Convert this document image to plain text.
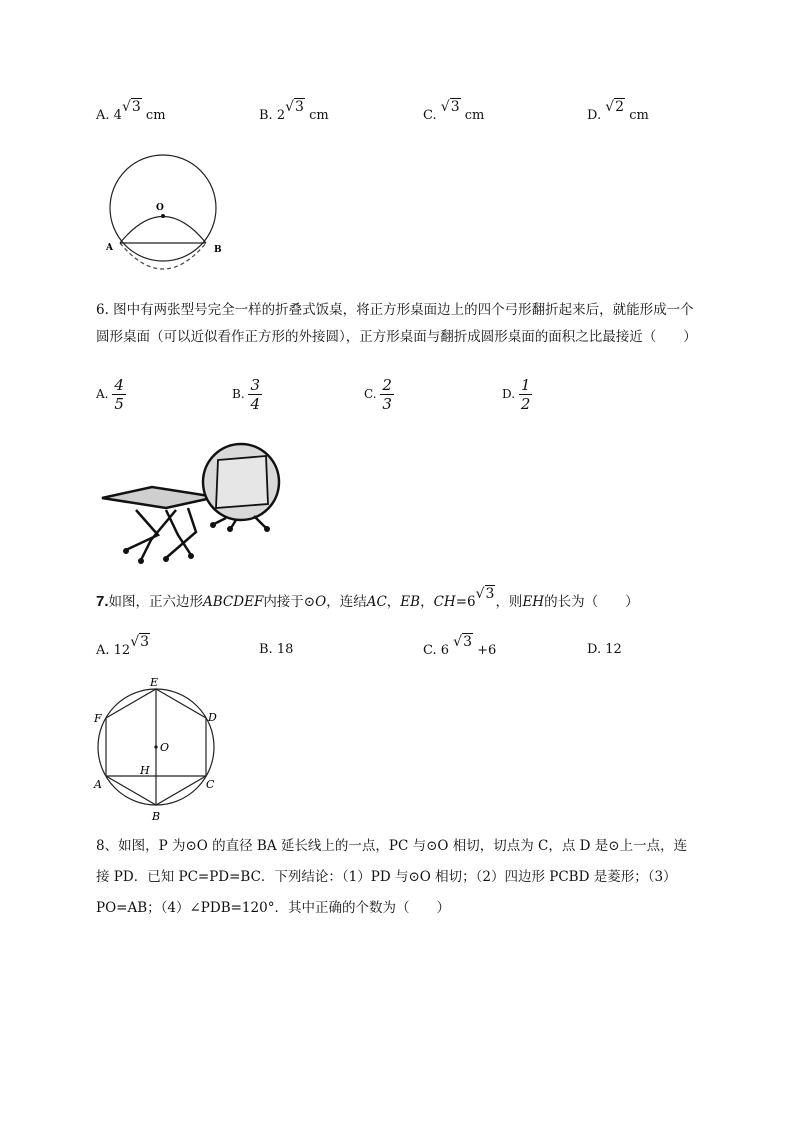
A. 4√3 cm	B. 2√3 cm	C. √3 cm	D. √2 cm
O
A	B
6. 图中有两张型号完全一样的折叠式饭桌，将正方形桌面边上的四个弓形翻折起来后，就能形成一个圆形桌面（可以近似看作正方形的外接圆），正方形桌面与翻折成圆形桌面的面积之比最接近（　　）
A. $\frac{4}{5}$	B. $\frac{3}{4}$	C. $\frac{2}{3}$	D. $\frac{1}{2}$
7.如图，正六边形ABCDEF内接于⊙O，连结AC，EB，CH=6√3，则EH的长为（　　）
A. 12√3	B. 18	C. 6 √3 +6	D. 12
E
D
F
O
H
A	C
B
8、如图，P 为⊙O 的直径 BA 延长线上的一点，PC 与⊙O 相切，切点为 C，点 D 是⊙上一点，连
接 PD．已知 PC=PD=BC．下列结论：（1）PD 与⊙O 相切；（2）四边形 PCBD 是菱形；（3）
PO=AB；（4）∠PDB=120°．其中正确的个数为（　　）
